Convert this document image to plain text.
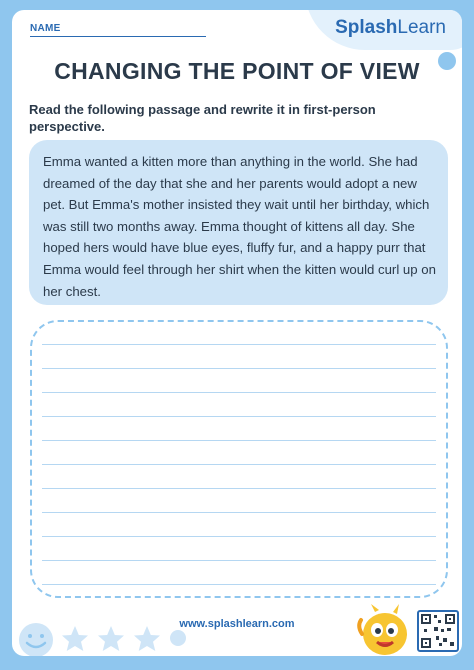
NAME	SplashLearn
CHANGING THE POINT OF VIEW
Read the following passage and rewrite it in first-person perspective.
Emma wanted a kitten more than anything in the world. She had dreamed of the day that she and her parents would adopt a new pet. But Emma's mother insisted they wait until her birthday, which was still two months away. Emma thought of kittens all day. She hoped hers would have blue eyes, fluffy fur, and a happy purr that Emma would feel through her shirt when the kitten would curl up on her chest.
www.splashlearn.com
